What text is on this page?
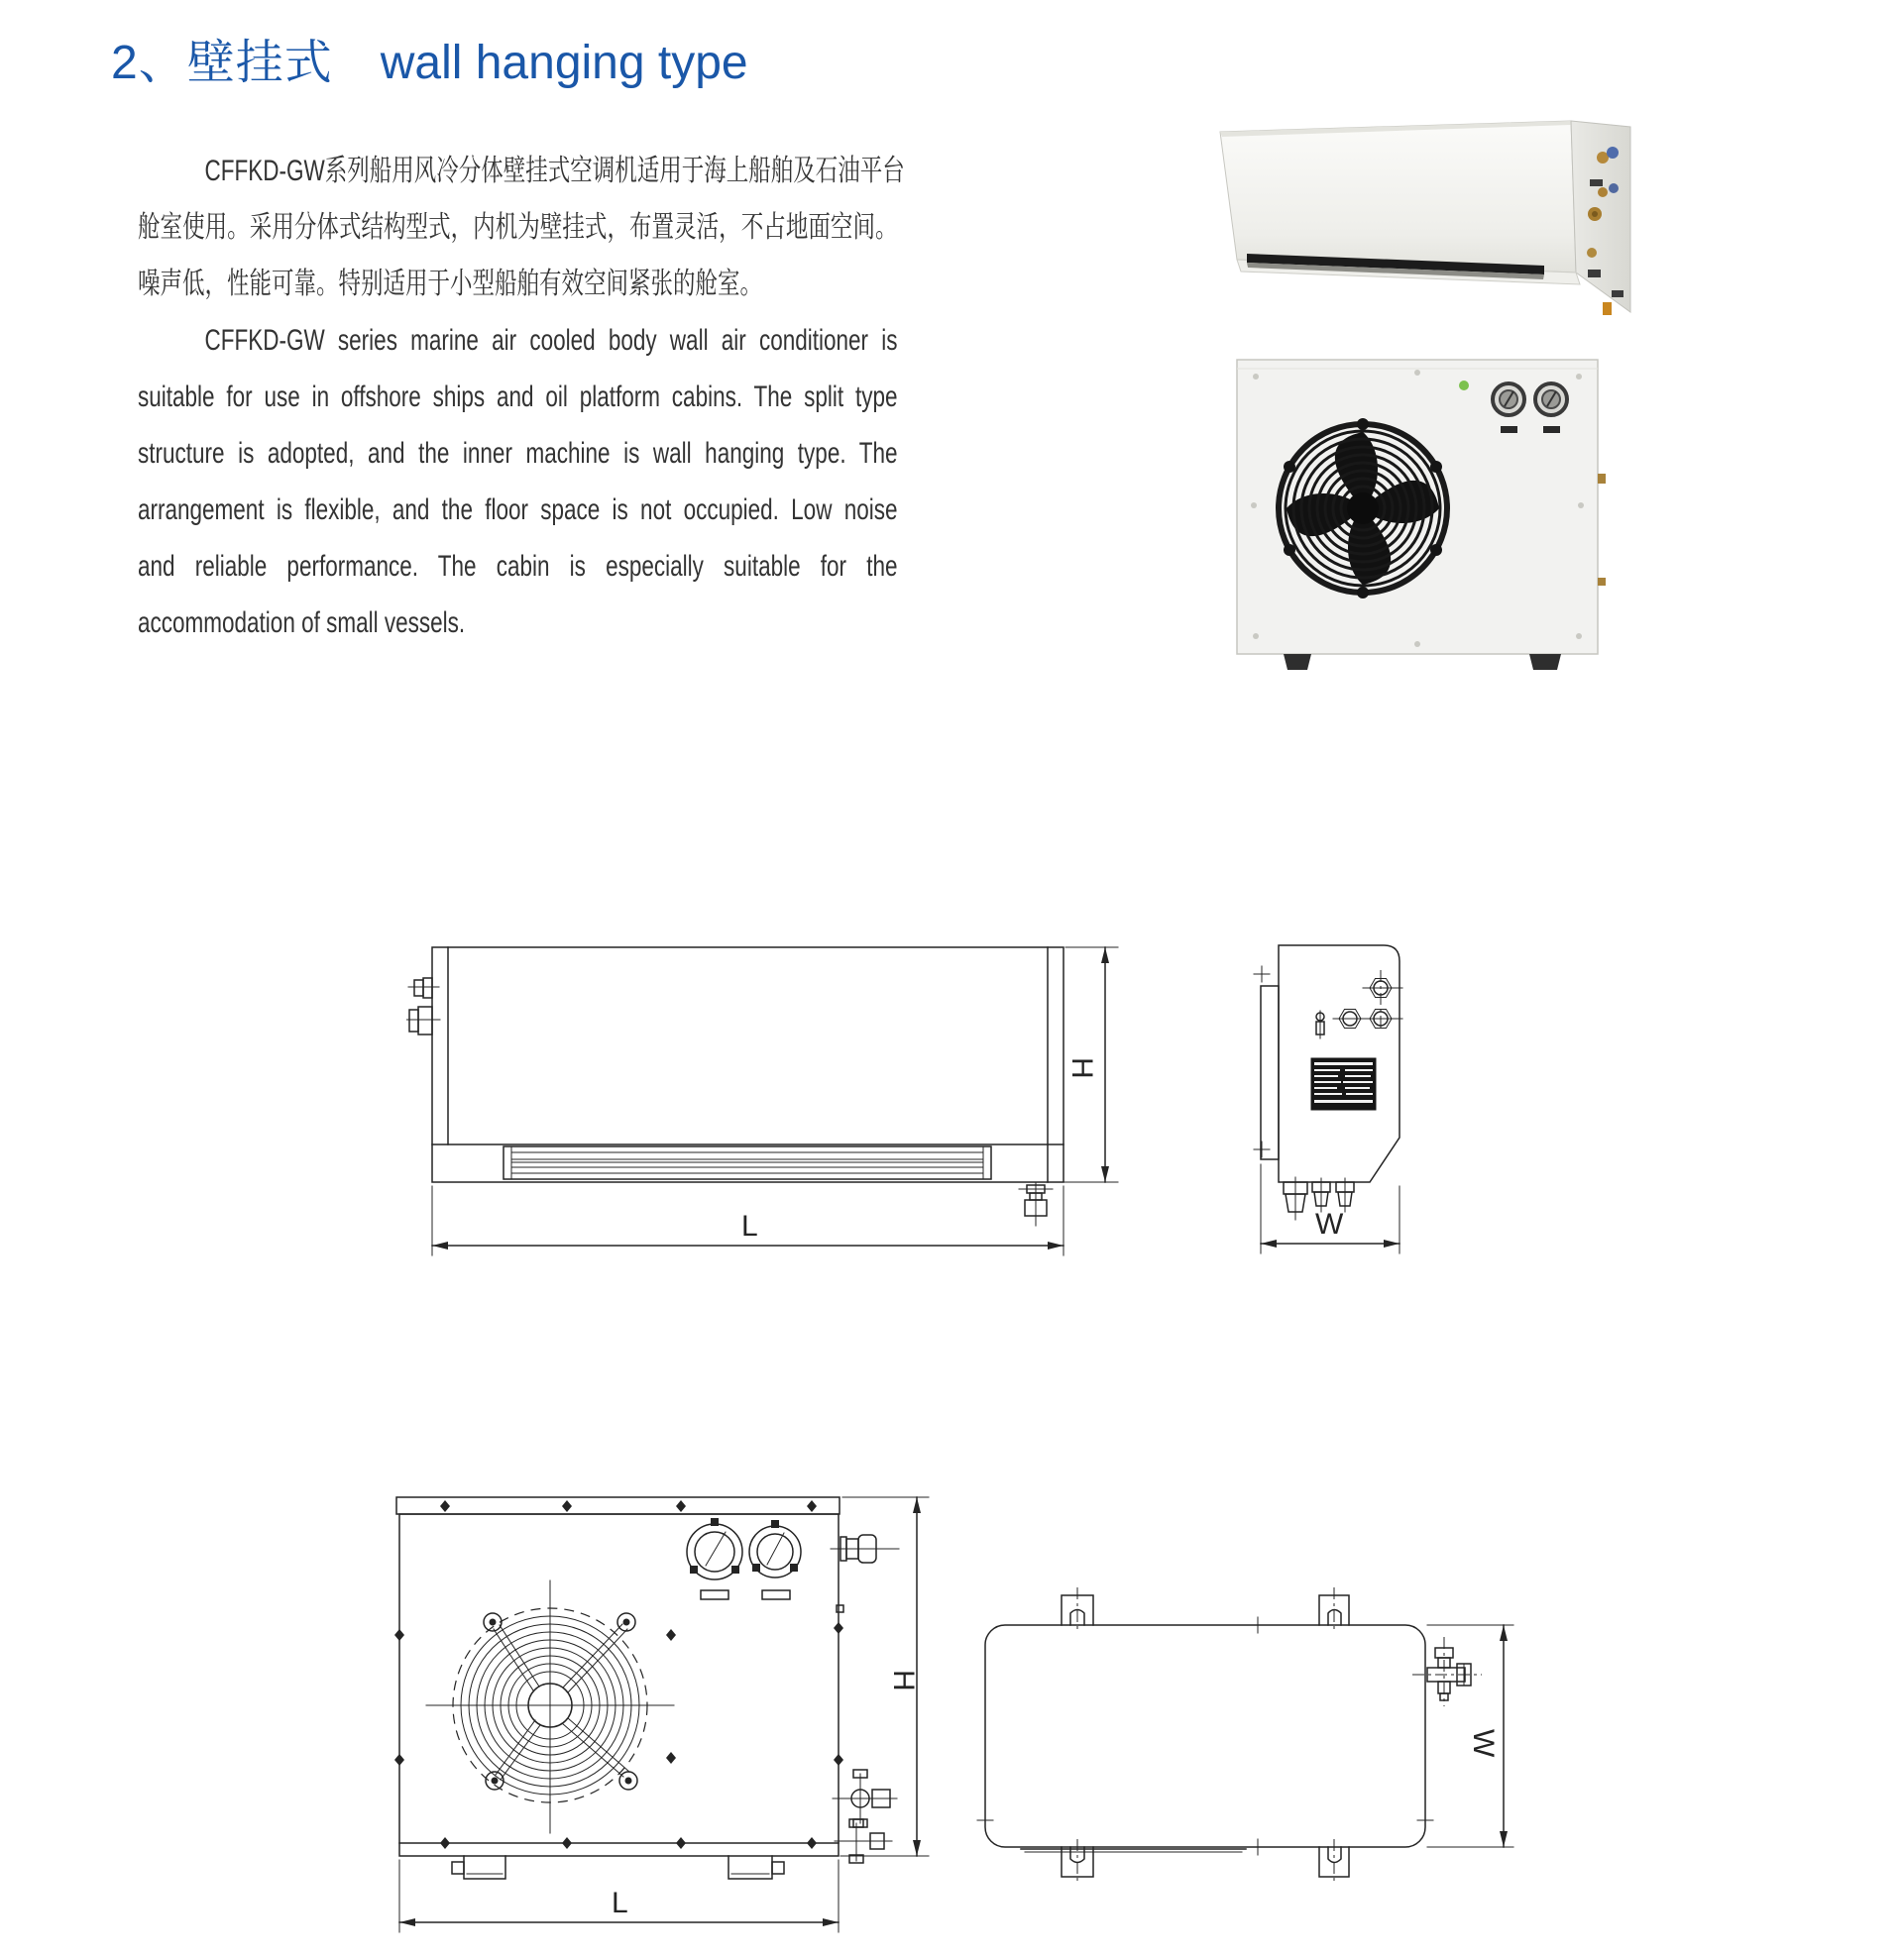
2、壁挂式 wall hanging type
CFFKD-GW系列船用风冷分体壁挂式空调机适用于海上船舶及石油平台
舱室使用。采用分体式结构型式，内机为壁挂式，布置灵活，不占地面空间。
噪声低，性能可靠。特别适用于小型船舶有效空间紧张的舱室。
CFFKD-GW series marine air cooled body wall air conditioner is
suitable for use in offshore ships and oil platform cabins. The split type
structure is adopted, and the inner machine is wall hanging type. The
arrangement is flexible, and the floor space is not occupied. Low noise
and reliable performance. The cabin is especially suitable for the
accommodation of small vessels.
L
H
W
H
L
W
